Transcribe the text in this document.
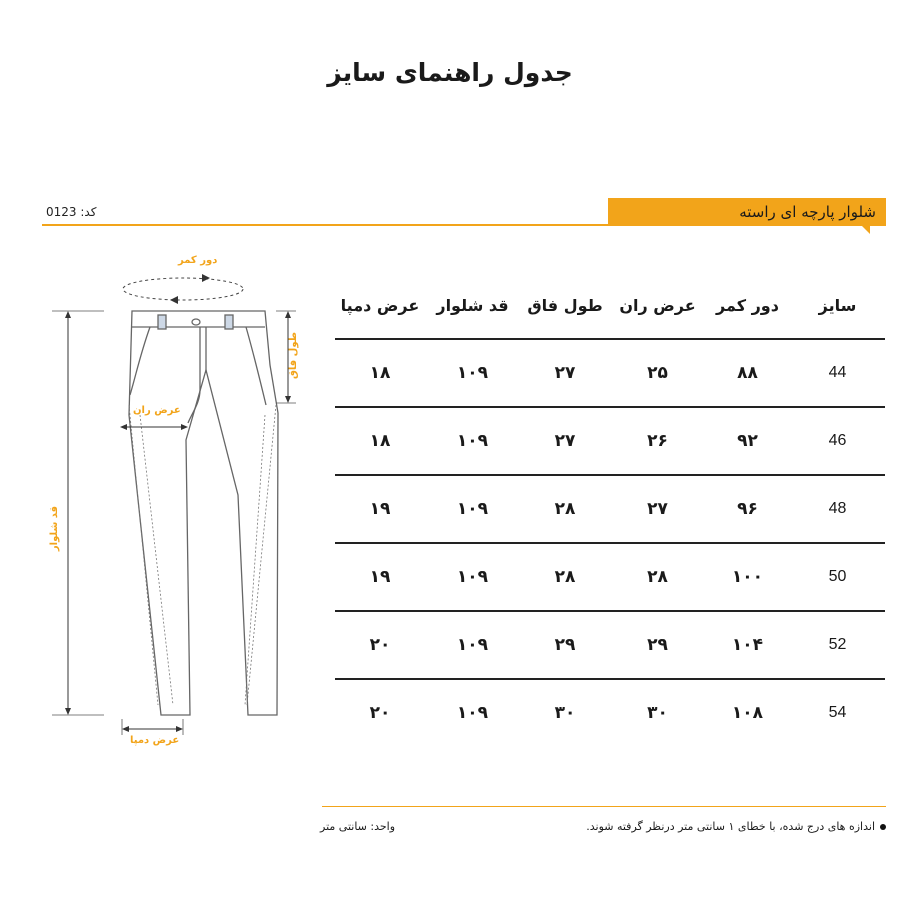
جدول راهنمای سایز
کد: 0123	شلوار پارچه ای راسته
دور کمر
طول فاق
عرض ران
قد شلوار
عرض دمپا
سایز
دور کمر
عرض ران
طول فاق
قد شلوار
عرض دمپا
44
۸۸
۲۵
۲۷
۱۰۹
۱۸
46
۹۲
۲۶
۲۷
۱۰۹
۱۸
48
۹۶
۲۷
۲۸
۱۰۹
۱۹
50
۱۰۰
۲۸
۲۸
۱۰۹
۱۹
52
۱۰۴
۲۹
۲۹
۱۰۹
۲۰
54
۱۰۸
۳۰
۳۰
۱۰۹
۲۰
اندازه های درج شده، با خطای ۱ سانتی متر درنظر گرفته شوند.
واحد: سانتی متر
